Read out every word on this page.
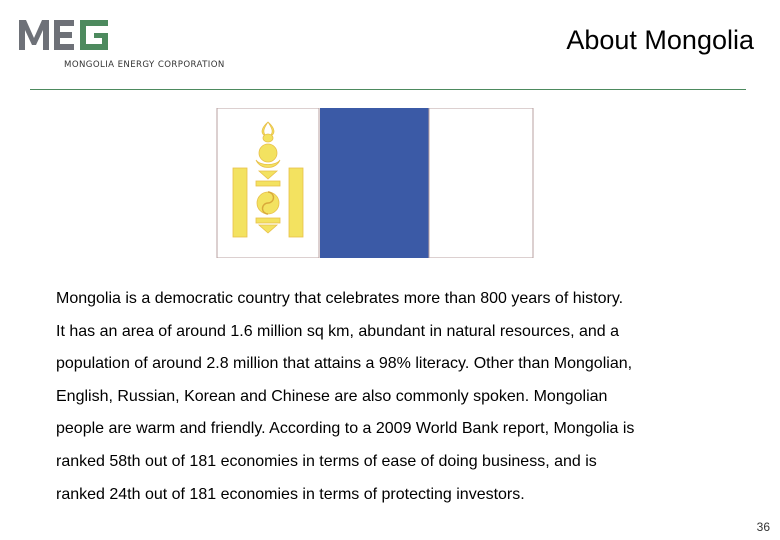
MONGOLIA ENERGY CORPORATION
About Mongolia
Mongolia is a democratic country that celebrates more than 800 years of history.
It has an area of around 1.6 million sq km, abundant in natural resources, and a
population of around 2.8 million that attains a 98% literacy. Other than Mongolian,
English, Russian, Korean and Chinese are also commonly spoken. Mongolian
people are warm and friendly. According to a 2009 World Bank report, Mongolia is
ranked 58th out of 181 economies in terms of ease of doing business, and is
ranked 24th out of 181 economies in terms of protecting investors.
36
